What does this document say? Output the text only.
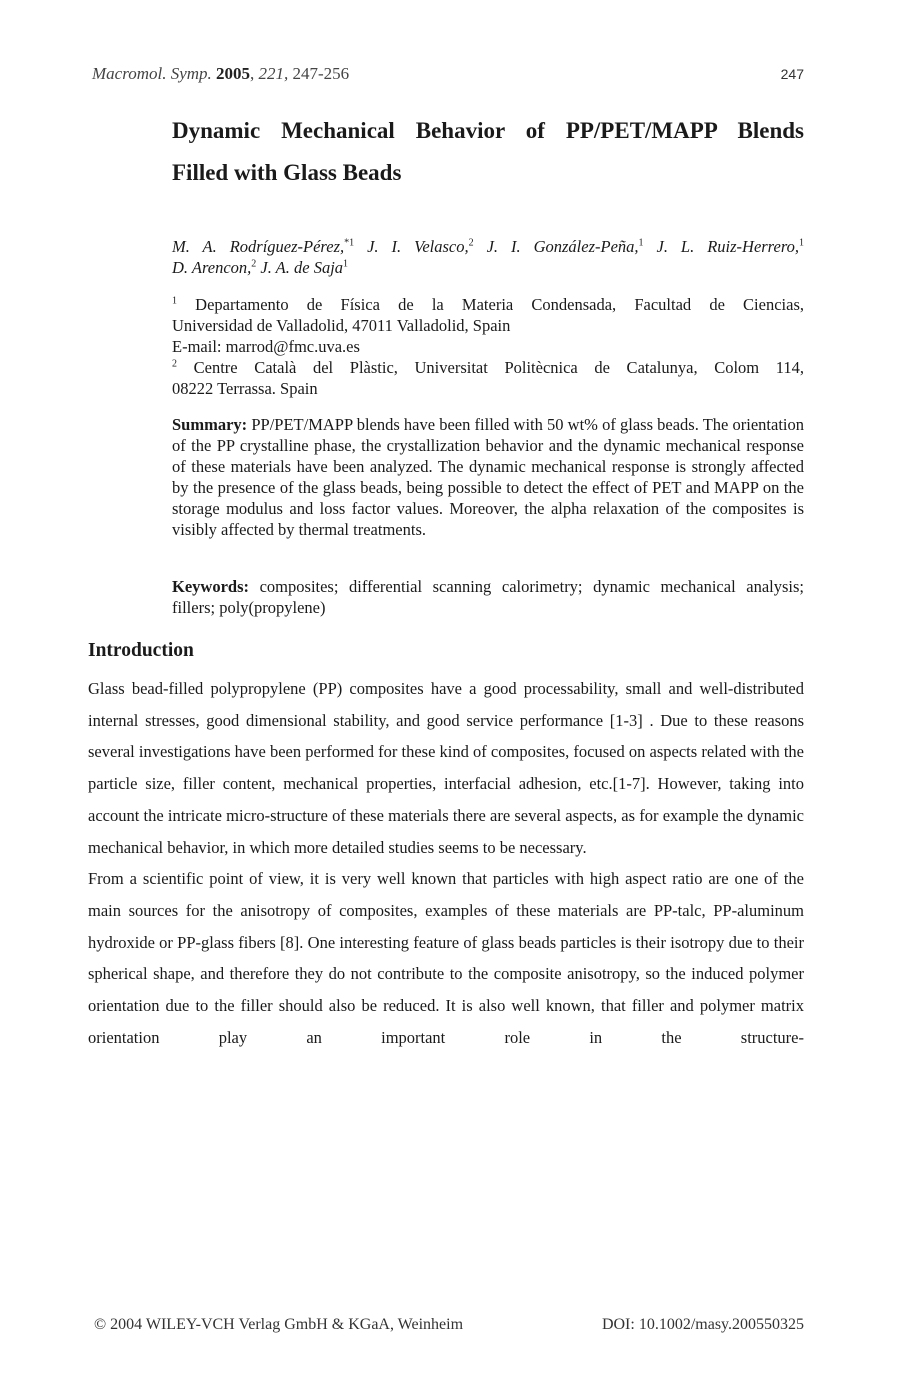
Macromol. Symp. 2005, 221, 247-256	247
Dynamic Mechanical Behavior of PP/PET/MAPP Blends
Filled with Glass Beads
M. A. Rodríguez-Pérez,$^{*1}$ J. I. Velasco,$^2$ J. I. González-Peña,$^1$ J. L. Ruiz-Herrero,$^1$
D. Arencon,$^2$ J. A. de Saja$^1$
$^1$ Departamento de Física de la Materia Condensada, Facultad de Ciencias,
Universidad de Valladolid, 47011 Valladolid, Spain
E-mail: marrod@fmc.uva.es
$^2$ Centre Català del Plàstic, Universitat Politècnica de Catalunya, Colom 114,
08222 Terrassa. Spain
Summary: PP/PET/MAPP blends have been filled with 50 wt% of glass beads. The orientation of the PP crystalline phase, the crystallization behavior and the dynamic mechanical response of these materials have been analyzed. The dynamic mechanical response is strongly affected by the presence of the glass beads, being possible to detect the effect of PET and MAPP on the storage modulus and loss factor values. Moreover, the alpha relaxation of the composites is visibly affected by thermal treatments.
Keywords: composites; differential scanning calorimetry; dynamic mechanical analysis; fillers; poly(propylene)
Introduction

Glass bead-filled polypropylene (PP) composites have a good processability, small and well-distributed internal stresses, good dimensional stability, and good service performance [1-3] . Due to these reasons several investigations have been performed for these kind of composites, focused on aspects related with the particle size, filler content, mechanical properties, interfacial adhesion, etc.[1-7]. However, taking into account the intricate micro-structure of these materials there are several aspects, as for example the dynamic mechanical behavior, in which more detailed studies seems to be necessary.

From a scientific point of view, it is very well known that particles with high aspect ratio are one of the main sources for the anisotropy of composites, examples of these materials are PP-talc, PP-aluminum hydroxide or PP-glass fibers [8]. One interesting feature of glass beads particles is their isotropy due to their spherical shape, and therefore they do not contribute to the composite anisotropy, so the induced polymer orientation due to the filler should also be reduced. It is also well known, that filler and polymer matrix orientation play an important role in the structure-

© 2004 WILEY-VCH Verlag GmbH & KGaA, Weinheim	DOI: 10.1002/masy.200550325
